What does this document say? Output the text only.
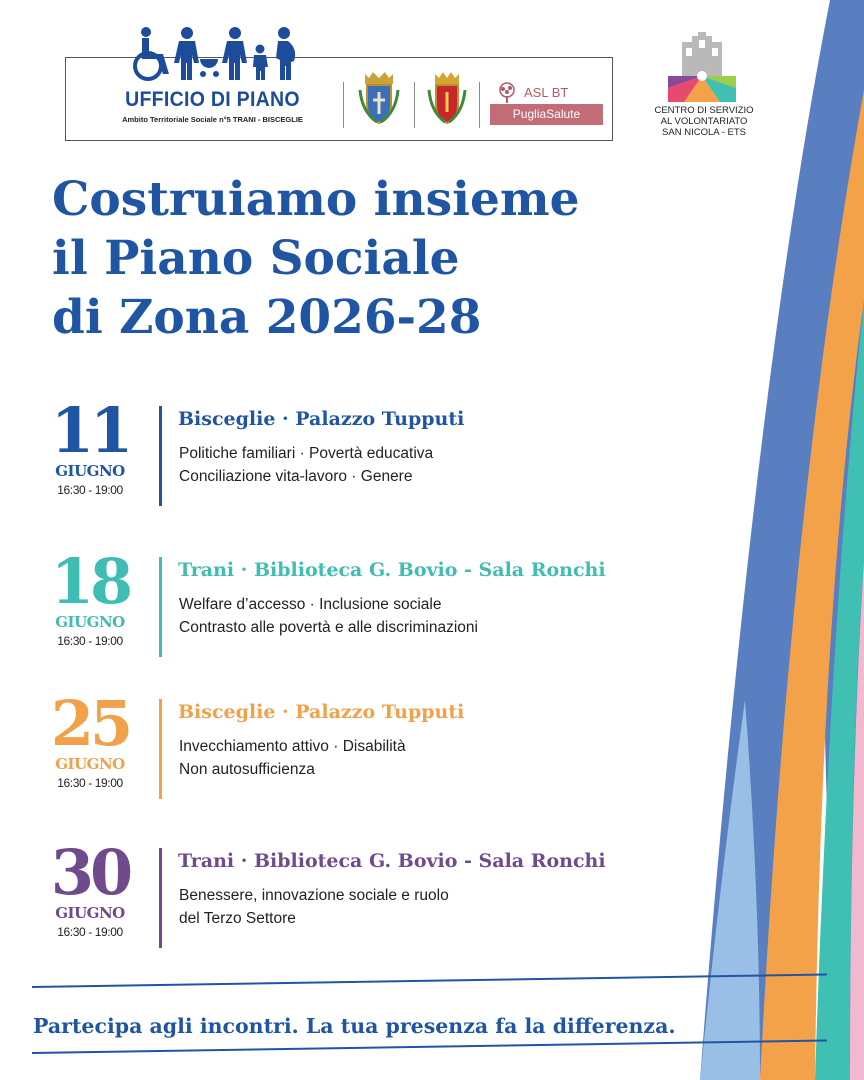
UFFICIO DI PIANO
Ambito Territoriale Sociale n°5 TRANI - BISCEGLIE
ASL BT
PugliaSalute	CENTRO DI SERVIZIO
AL VOLONTARIATO
SAN NICOLA - ETS
Costruiamo insieme
il Piano Sociale
di Zona 2026-28
11
GIUGNO
16:30 - 19:00
Bisceglie · Palazzo Tupputi
Politiche familiari · Povertà educativa
Conciliazione vita-lavoro · Genere
18
GIUGNO
16:30 - 19:00
Trani · Biblioteca G. Bovio - Sala Ronchi
Welfare d’accesso · Inclusione sociale
Contrasto alle povertà e alle discriminazioni
25
GIUGNO
16:30 - 19:00
Bisceglie · Palazzo Tupputi
Invecchiamento attivo · Disabilità
Non autosufficienza
30
GIUGNO
16:30 - 19:00
Trani · Biblioteca G. Bovio - Sala Ronchi
Benessere, innovazione sociale e ruolo
del Terzo Settore
Partecipa agli incontri. La tua presenza fa la differenza.
